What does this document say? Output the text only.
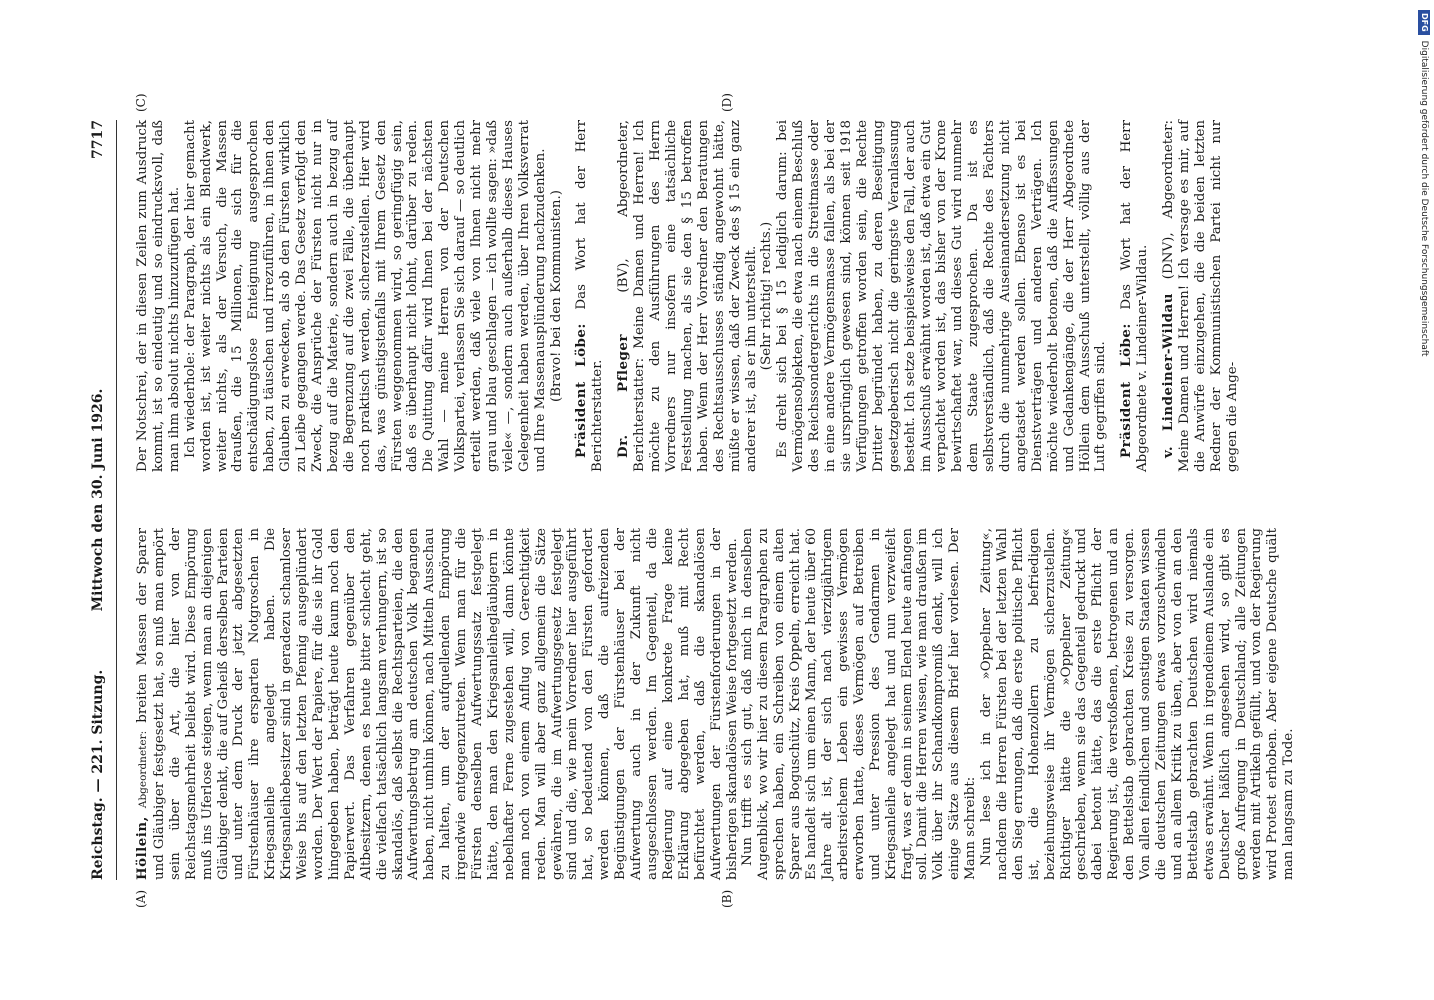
Reichstag. — 221. Sitzung.
Mittwoch den 30. Juni 1926.
7717
(A)	(B)
(C)	(D)

Höllein, Abgeordneter: breiten Massen der Sparer und Gläubiger festgesetzt hat, so muß man empört sein über die Art, die hier von der Reichstagsmehrheit beliebt wird. Diese Empörung muß ins Uferlose steigen, wenn man an diejenigen Gläubiger denkt, die auf Geheiß derselben Parteien und unter dem Druck der jetzt abgesetzten Fürstenhäuser ihre ersparten Notgroschen in Kriegsanleihe angelegt haben. Die Kriegsanleihebesitzer sind in geradezu schamloser Weise bis auf den letzten Pfennig ausgeplündert worden. Der Wert der Papiere, für die sie ihr Gold hingegeben haben, beträgt heute kaum noch den Papierwert. Das Verfahren gegenüber den Altbesitzern, denen es heute bitter schlecht geht, die vielfach tatsächlich langsam verhungern, ist so skandalös, daß selbst die Rechtsparteien, die den Aufwertungsbetrug am deutschen Volk begangen haben, nicht umhin können, nach Mitteln Ausschau zu halten, um der aufquellenden Empörung irgendwie entgegenzutreten. Wenn man für die Fürsten denselben Aufwertungssatz festgelegt hätte, den man den Kriegsanleihegläubigern in nebelhafter Ferne zugestehen will, dann könnte man noch von einem Anflug von Gerechtigkeit reden. Man will aber ganz allgemein die Sätze gewähren, die im Aufwertungsgesetz festgelegt sind und die, wie mein Vorredner hier ausgeführt hat, so bedeutend von den Fürsten gefordert werden können, daß die aufreizenden Begünstigungen der Fürstenhäuser bei der Aufwertung auch in der Zukunft nicht ausgeschlossen werden. Im Gegenteil, da die Regierung auf eine konkrete Frage keine Erklärung abgegeben hat, muß mit Recht befürchtet werden, daß die skandalösen Aufwertungen der Fürstenforderungen in der bisherigen skandalösen Weise fortgesetzt werden. Nun trifft es sich gut, daß mich in denselben Augenblick, wo wir hier zu diesem Paragraphen zu sprechen haben, ein Schreiben von einem alten Sparer aus Boguschütz, Kreis Oppeln, erreicht hat. Es handelt sich um einen Mann, der heute über 60 Jahre alt ist, der sich nach vierzigjährigem arbeitsreichem Leben ein gewisses Vermögen erworben hatte, dieses Vermögen auf Betreiben und unter Pression des Gendarmen in Kriegsanleihe angelegt hat und nun verzweifelt fragt, was er denn in seinem Elend heute anfangen soll. Damit die Herren wissen, wie man draußen im Volk über ihr Schandkompromiß denkt, will ich einige Sätze aus diesem Brief hier vorlesen. Der Mann schreibt: Nun lese ich in der »Oppelner Zeitung«, nachdem die Herren Fürsten bei der letzten Wahl den Sieg errungen, daß die erste politische Pflicht ist, die Hohenzollern zu befriedigen beziehungsweise ihr Vermögen sicherzustellen. Richtiger hätte die »Oppelner Zeitung« geschrieben, wenn sie das Gegenteil gedruckt und dabei betont hätte, das die erste Pflicht der Regierung ist, die verstoßenen, betrogenen und an den Bettelstab gebrachten Kreise zu versorgen. Von allen feindlichen und sonstigen Staaten wissen die deutschen Zeitungen etwas vorzuschwindeln und an allem Kritik zu üben, aber von den an den Bettelstab gebrachten Deutschen wird niemals etwas erwähnt. Wenn in irgendeinem Auslande ein Deutscher häßlich angesehen wird, so gibt es große Aufregung in Deutschland; alle Zeitungen werden mit Artikeln gefüllt, und von der Regierung wird Protest erhoben. Aber eigene Deutsche quält man langsam zu Tode.

Der Notschrei, der in diesen Zeilen zum Ausdruck kommt, ist so eindeutig und so eindrucksvoll, daß man ihm absolut nichts hinzuzufügen hat. Ich wiederhole: der Paragraph, der hier gemacht worden ist, ist weiter nichts als ein Blendwerk, weiter nichts, als der Versuch, die Massen draußen, die 15 Millionen, die sich für die entschädigungslose Enteignung ausgesprochen haben, zu täuschen und irrezuführen, in ihnen den Glauben zu erwecken, als ob den Fürsten wirklich zu Leibe gegangen werde. Das Gesetz verfolgt den Zweck, die Ansprüche der Fürsten nicht nur in bezug auf die Materie, sondern auch in bezug auf die Begrenzung auf die zwei Fälle, die überhaupt noch praktisch werden, sicherzustellen. Hier wird das, was günstigstenfalls mit Ihrem Gesetz den Fürsten weggenommen wird, so geringfügig sein, daß es überhaupt nicht lohnt, darüber zu reden. Die Quittung dafür wird Ihnen bei der nächsten Wahl — meine Herren von der Deutschen Volkspartei, verlassen Sie sich darauf — so deutlich erteilt werden, daß viele von Ihnen nicht mehr grau und blau geschlagen — ich wollte sagen: »daß viele« —, sondern auch außerhalb dieses Hauses Gelegenheit haben werden, über Ihren Volksverrat und Ihre Massenausplünderung nachzudenken. (Bravo! bei den Kommunisten.) Präsident Löbe: Das Wort hat der Herr Berichterstatter. Dr. Pfleger (BV), Abgeordneter, Berichterstatter: Meine Damen und Herren! Ich möchte zu den Ausführungen des Herrn Vorredners nur insofern eine tatsächliche Feststellung machen, als sie den § 15 betroffen haben. Wenn der Herr Vorredner den Beratungen des Rechtsausschusses ständig angewohnt hätte, müßte er wissen, daß der Zweck des § 15 ein ganz anderer ist, als er ihn unterstellt. (Sehr richtig! rechts.) Es dreht sich bei § 15 lediglich darum: bei Vermögensobjekten, die etwa nach einem Beschluß des Reichssondergerichts in die Streitmasse oder in eine andere Vermögensmasse fallen, als bei der sie ursprünglich gewesen sind, können seit 1918 Verfügungen getroffen worden sein, die Rechte Dritter begründet haben, zu deren Beseitigung gesetzgeberisch nicht die geringste Veranlassung besteht. Ich setze beispielsweise den Fall, der auch im Ausschuß erwähnt worden ist, daß etwa ein Gut verpachtet worden ist, das bisher von der Krone bewirtschaftet war, und dieses Gut wird nunmehr dem Staate zugesprochen. Da ist es selbstverständlich, daß die Rechte des Pächters durch die nunmehrige Auseinandersetzung nicht angetastet werden sollen. Ebenso ist es bei Dienstverträgen und anderen Verträgen. Ich möchte wiederholt betonen, daß die Auffassungen und Gedankengänge, die der Herr Abgeordnete Höllein dem Ausschuß unterstellt, völlig aus der Luft gegriffen sind. Präsident Löbe: Das Wort hat der Herr Abgeordnete v. Lindeiner-Wildau. v. Lindeiner-Wildau (DNV), Abgeordneter: Meine Damen und Herren! Ich versage es mir, auf die Anwürfe einzugehen, die die beiden letzten Redner der Kommunistischen Partei nicht nur gegen die Ange-

DFGDigitalisierung gefördert durch die Deutsche Forschungsgemeinschaft
